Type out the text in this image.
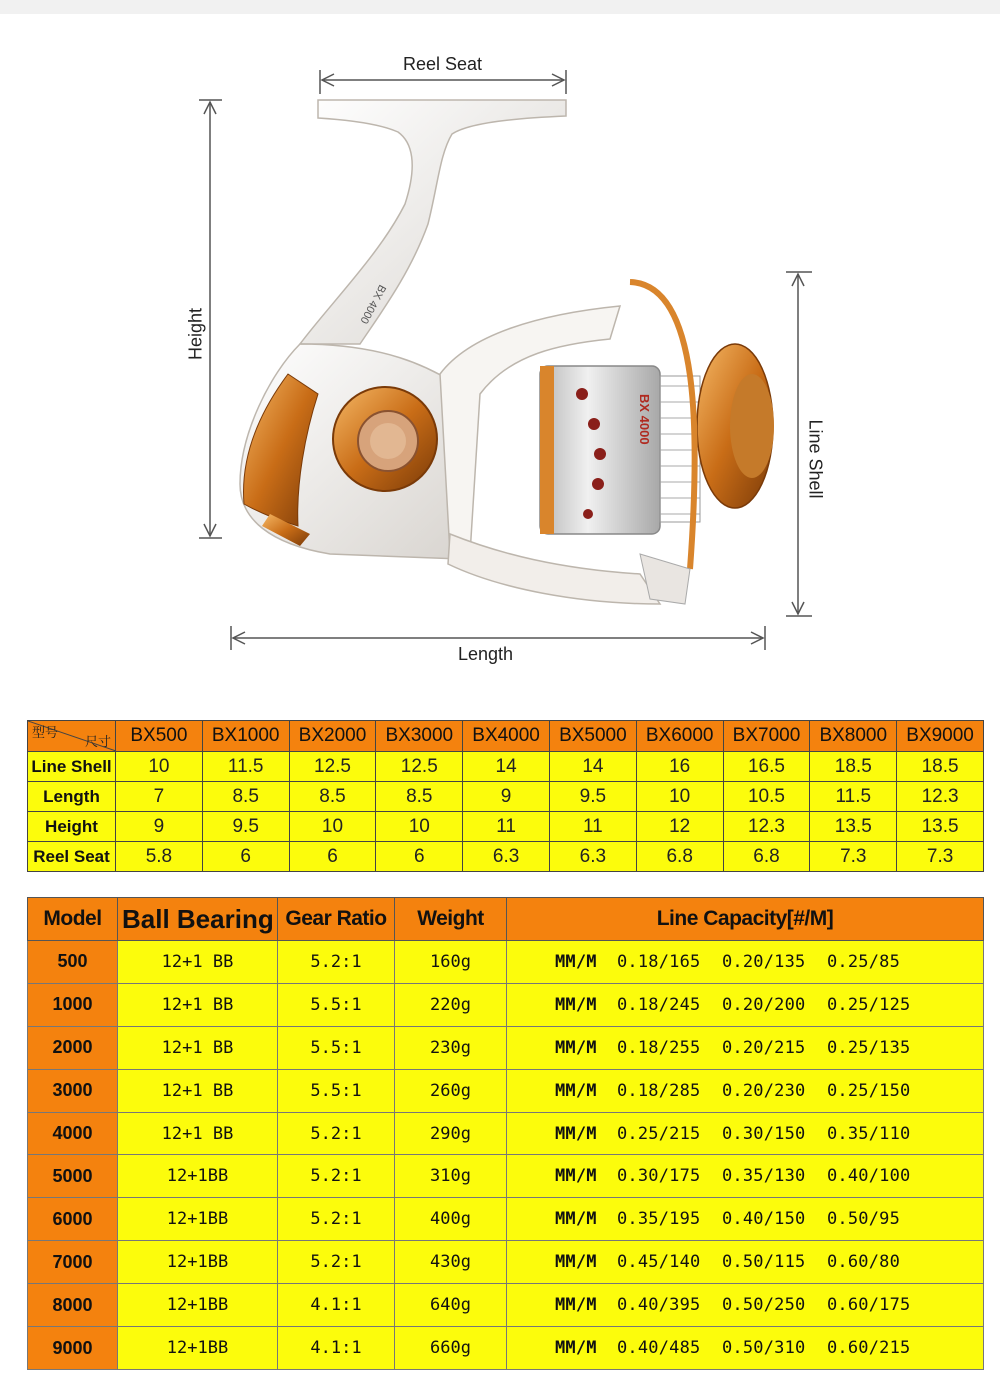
BX 4000
BX 4000
Reel Seat
Height
Line Shell
Length
型号
尺寸	BX500	BX1000	BX2000	BX3000	BX4000	BX5000	BX6000	BX7000	BX8000	BX9000
Line Shell	10	11.5	12.5	12.5	14	14	16	16.5	18.5	18.5
Length	7	8.5	8.5	8.5	9	9.5	10	10.5	11.5	12.3
Height	9	9.5	10	10	11	11	12	12.3	13.5	13.5
Reel Seat	5.8	6	6	6	6.3	6.3	6.8	6.8	7.3	7.3
Model	Ball Bearing	Gear Ratio	Weight	Line Capacity[#/M]
500	12+1 BB	5.2:1	160g	MM/M 0.18/165 0.20/135 0.25/85
1000	12+1 BB	5.5:1	220g	MM/M 0.18/245 0.20/200 0.25/125
2000	12+1 BB	5.5:1	230g	MM/M 0.18/255 0.20/215 0.25/135
3000	12+1 BB	5.5:1	260g	MM/M 0.18/285 0.20/230 0.25/150
4000	12+1 BB	5.2:1	290g	MM/M 0.25/215 0.30/150 0.35/110
5000	12+1BB	5.2:1	310g	MM/M 0.30/175 0.35/130 0.40/100
6000	12+1BB	5.2:1	400g	MM/M 0.35/195 0.40/150 0.50/95
7000	12+1BB	5.2:1	430g	MM/M 0.45/140 0.50/115 0.60/80
8000	12+1BB	4.1:1	640g	MM/M 0.40/395 0.50/250 0.60/175
9000	12+1BB	4.1:1	660g	MM/M 0.40/485 0.50/310 0.60/215
